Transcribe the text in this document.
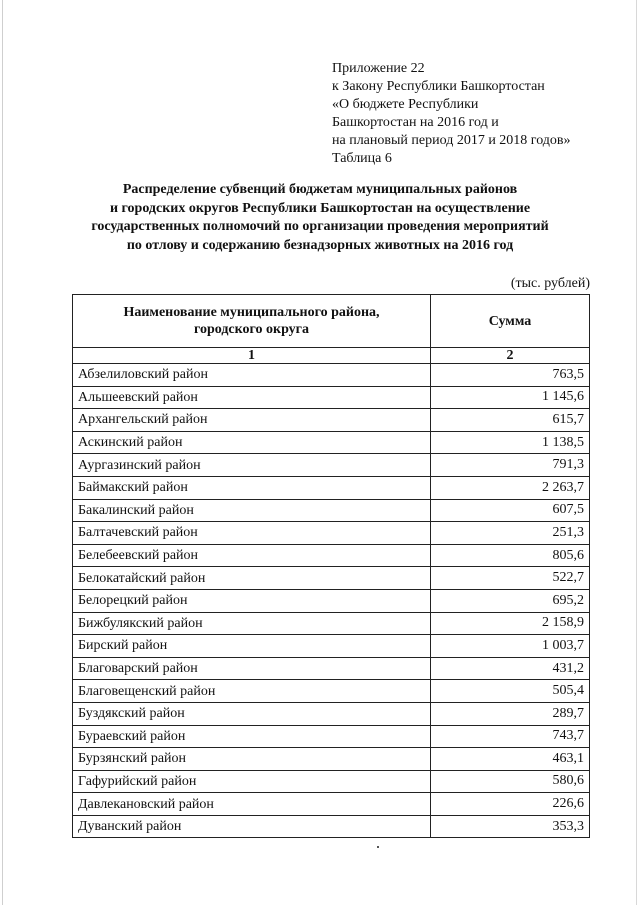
Приложение 22
к Закону Республики Башкортостан
«О бюджете Республики
Башкортостан на 2016 год и
на плановый период 2017 и 2018 годов»
Таблица 6
Распределение субвенций бюджетам муниципальных районов
и городских округов Республики Башкортостан на осуществление
государственных полномочий по организации проведения мероприятий
по отлову и содержанию безнадзорных животных на 2016 год
(тыс. рублей)
Наименование муниципального района,
городского округа	Сумма
1	2
Абзелиловский район	763,5
Альшеевский район	1 145,6
Архангельский район	615,7
Аскинский район	1 138,5
Аургазинский район	791,3
Баймакский район	2 263,7
Бакалинский район	607,5
Балтачевский район	251,3
Белебеевский район	805,6
Белокатайский район	522,7
Белорецкий район	695,2
Бижбулякский район	2 158,9
Бирский район	1 003,7
Благоварский район	431,2
Благовещенский район	505,4
Буздякский район	289,7
Бураевский район	743,7
Бурзянский район	463,1
Гафурийский район	580,6
Давлекановский район	226,6
Дуванский район	353,3
